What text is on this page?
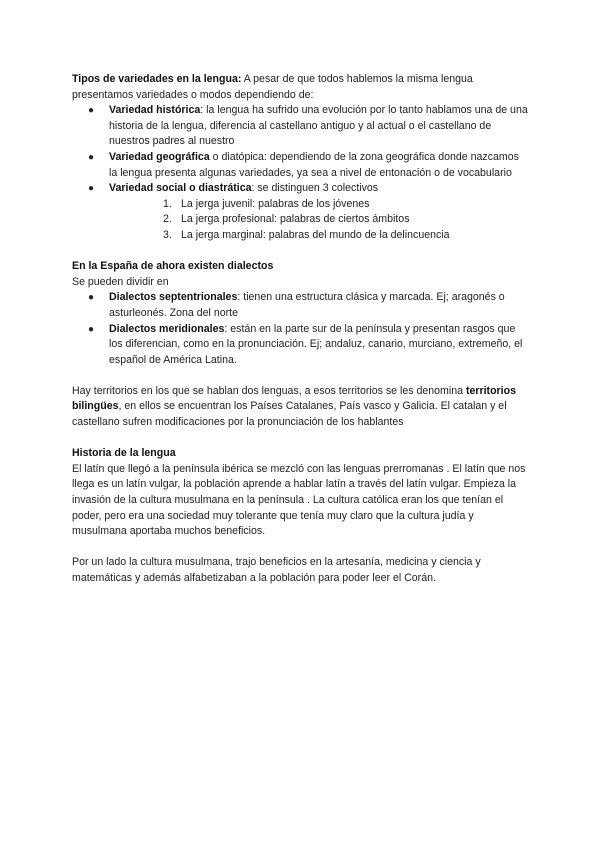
Tipos de variedades en la lengua: A pesar de que todos hablemos la misma lengua presentamos variedades o modos dependiendo de:

●	Variedad histórica: la lengua ha sufrido una evolución por lo tanto hablamos una de una historia de la lengua, diferencia al castellano antiguo y al actual o el castellano de nuestros padres al nuestro
●	Variedad geográfica o diatópica: dependiendo de la zona geográfica donde nazcamos la lengua presenta algunas variedades, ya sea a nivel de entonación o de vocabulario
●	Variedad social o diastrática: se distinguen 3 colectivos
1. La jerga juvenil: palabras de los jóvenes
2. La jerga profesional: palabras de ciertos ámbitos
3. La jerga marginal: palabras del mundo de la delincuencia

En la España de ahora existen dialectos

Se pueden dividir en

●	Dialectos septentrionales: tienen una estructura clásica y marcada. Ej; aragonés o asturleonés. Zona del norte
●	Dialectos meridionales: están en la parte sur de la península y presentan rasgos que los diferencian, como en la pronunciación. Ej; andaluz, canario, murciano, extremeño, el español de América Latina.

Hay territorios en los que se hablan dos lenguas, a esos territorios se les denomina territorios bilingües, en ellos se encuentran los Países Catalanes, País vasco y Galicia. El catalan y el castellano sufren modificaciones por la pronunciación de los hablantes

Historia de la lengua

El latín que llegó a la península ibérica se mezcló con las lenguas prerromanas . El latín que nos llega es un latín vulgar, la población aprende a hablar latín a través del latín vulgar. Empieza la invasión de la cultura musulmana en la península . La cultura católica eran los que tenían el poder, pero era una sociedad muy tolerante que tenía muy claro que la cultura judía y musulmana aportaba muchos beneficios.

Por un lado la cultura musulmana, trajo beneficios en la artesanía, medicina y ciencia y matemáticas y además alfabetizaban a la población para poder leer el Corán.
